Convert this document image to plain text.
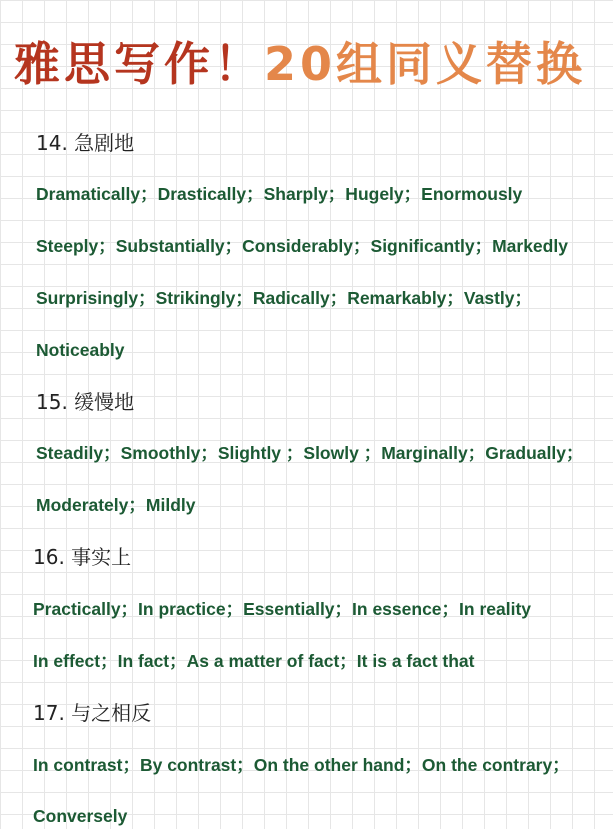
雅思写作！20组同义替换
14. 急剧地
Dramatically；Drastically；Sharply；Hugely；Enormously
Steeply；Substantially；Considerably；Significantly；Markedly
Surprisingly；Strikingly；Radically；Remarkably；Vastly；
Noticeably
15. 缓慢地
Steadily；Smoothly；Slightly ；Slowly ；Marginally；Gradually；
Moderately；Mildly
16. 事实上
Practically；In practice；Essentially；In essence；In reality
In effect；In fact；As a matter of fact；It is a fact that
17. 与之相反
In contrast；By contrast；On the other hand；On the contrary；
Conversely
